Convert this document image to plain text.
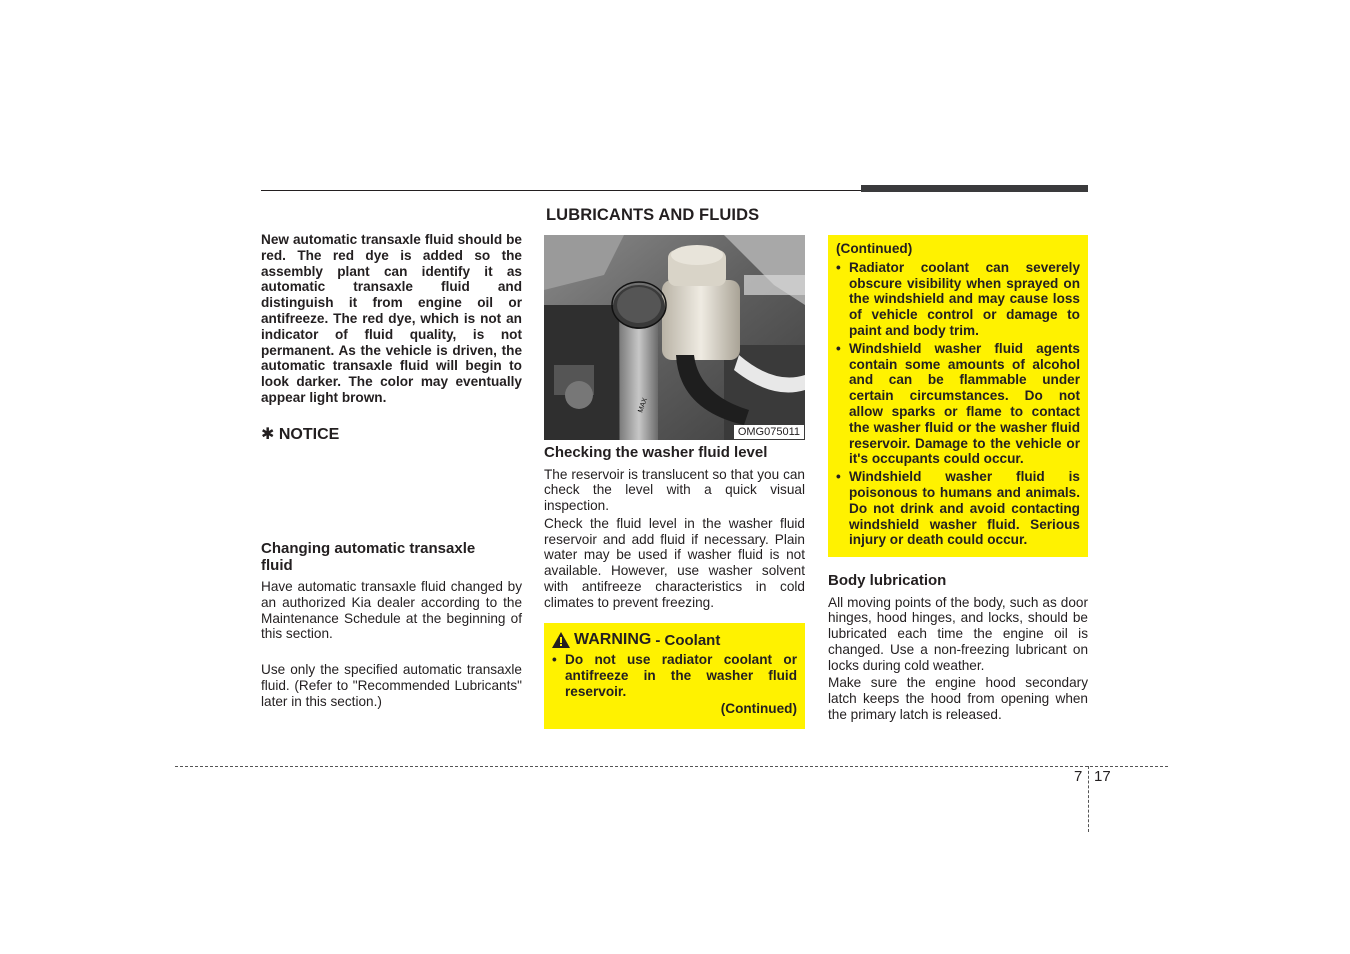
LUBRICANTS AND FLUIDS

New automatic transaxle fluid should be red. The red dye is added so the assembly plant can identify it as automatic transaxle fluid and distinguish it from engine oil or antifreeze. The red dye, which is not an indicator of fluid quality, is not permanent. As the vehicle is driven, the automatic transaxle fluid will begin to look darker. The color may eventually appear light brown.

✱ NOTICE

Changing automatic transaxle fluid

Have automatic transaxle fluid changed by an authorized Kia dealer according to the Maintenance Schedule at the beginning of this section.

Use only the specified automatic transaxle fluid. (Refer to "Recommended Lubricants" later in this section.)

MAX
OMG075011

Checking the washer fluid level

The reservoir is translucent so that you can check the level with a quick visual inspection.

Check the fluid level in the washer fluid reservoir and add fluid if necessary. Plain water may be used if washer fluid is not available. However, use washer solvent with antifreeze characteristics in cold climates to prevent freezing.

WARNING - Coolant
• Do not use radiator coolant or antifreeze in the washer fluid reservoir.
(Continued)
(Continued)
• Radiator coolant can severely obscure visibility when sprayed on the windshield and may cause loss of vehicle control or damage to paint and body trim.
• Windshield washer fluid agents contain some amounts of alcohol and can be flammable under certain circumstances. Do not allow sparks or flame to contact the washer fluid or the washer fluid reservoir. Damage to the vehicle or it's occupants could occur.
• Windshield washer fluid is poisonous to humans and animals. Do not drink and avoid contacting windshield washer fluid. Serious injury or death could occur.

Body lubrication

All moving points of the body, such as door hinges, hood hinges, and locks, should be lubricated each time the engine oil is changed. Use a non-freezing lubricant on locks during cold weather.

Make sure the engine hood secondary latch keeps the hood from opening when the primary latch is released.

7 17
